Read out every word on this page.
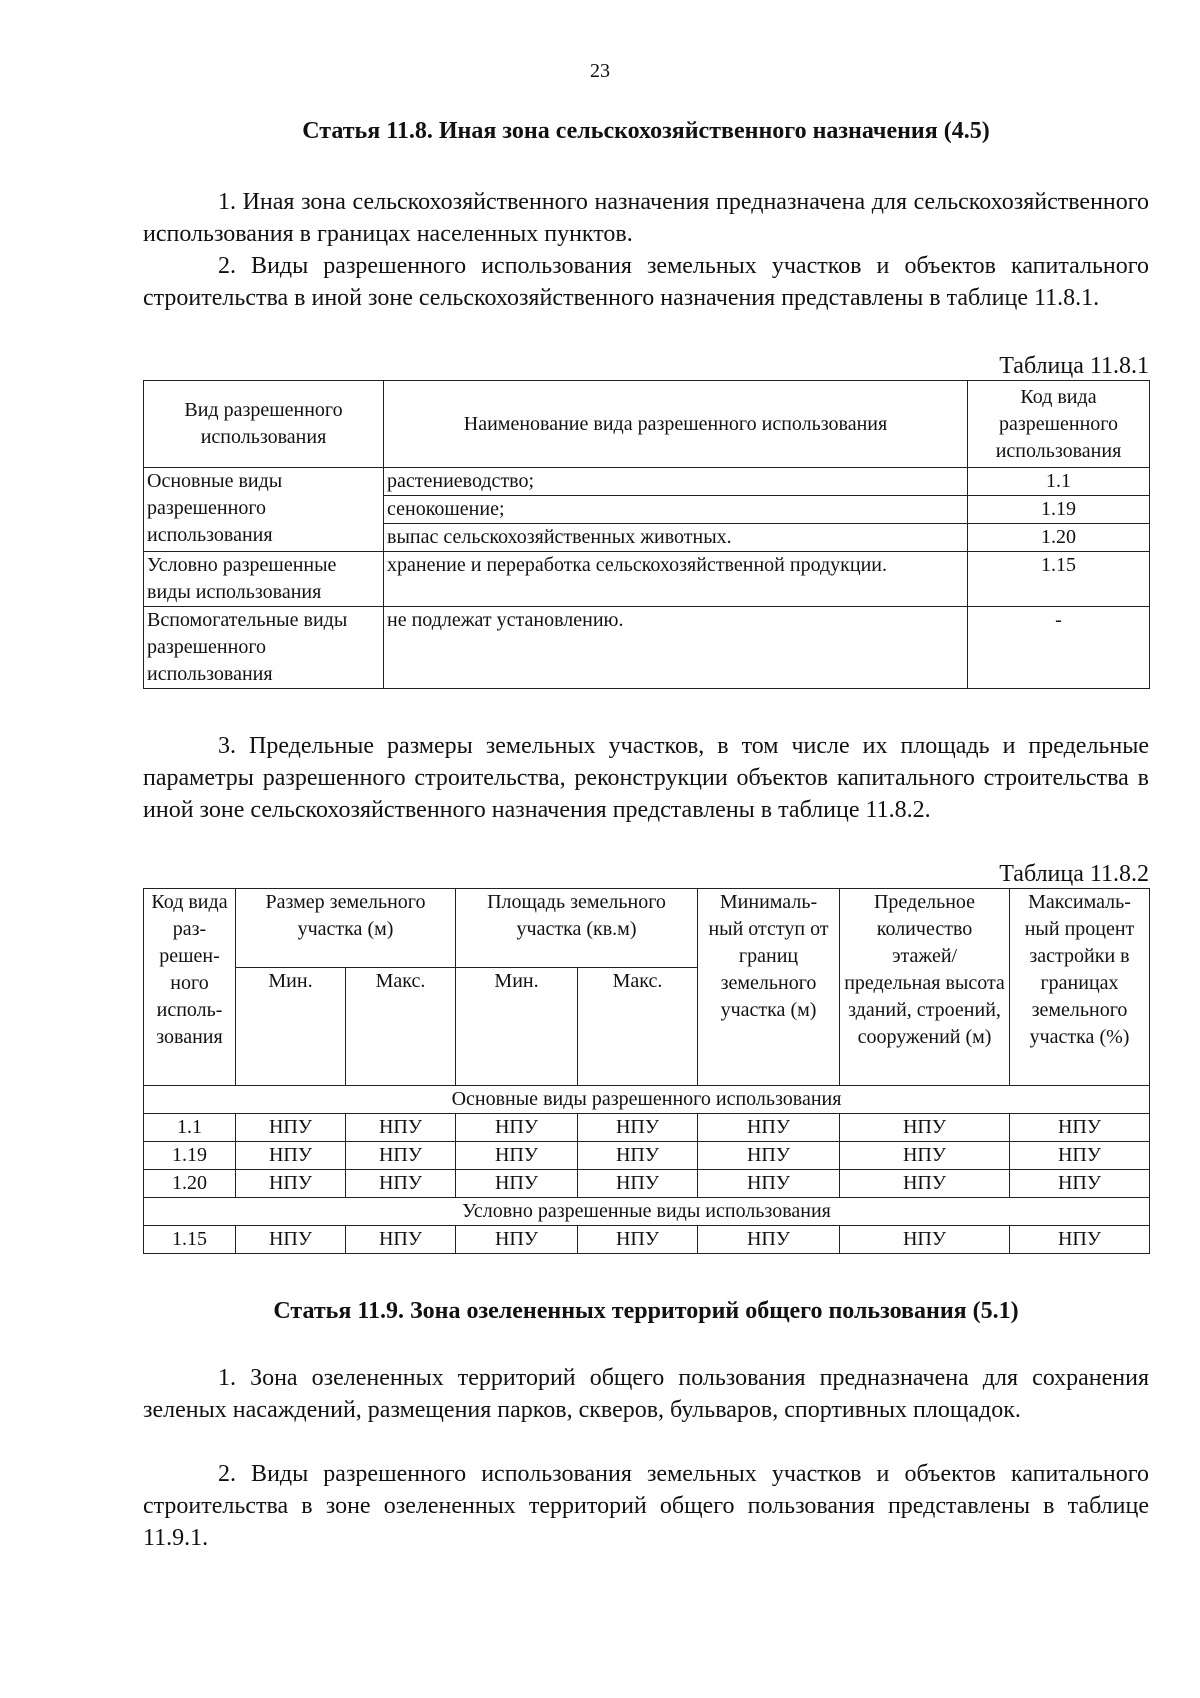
23
Статья 11.8. Иная зона сельскохозяйственного назначения (4.5)

1. Иная зона сельскохозяйственного назначения предназначена для сельскохозяйственного использования в границах населенных пунктов.

2. Виды разрешенного использования земельных участков и объектов капитального строительства в иной зоне сельскохозяйственного назначения представлены в таблице 11.8.1.

Таблица 11.8.1
Вид разрешенного использования	Наименование вида разрешенного использования	Код вида разрешенного использования
Основные виды разрешенного использования	растениеводство;	1.1
	сенокошение;	1.19
	выпас сельскохозяйственных животных.	1.20
Условно разрешенные виды использования	хранение и переработка сельскохозяйственной продукции.	1.15
Вспомогательные виды разрешенного использования	не подлежат установлению.	-

3. Предельные размеры земельных участков, в том числе их площадь и предельные параметры разрешенного строительства, реконструкции объектов капитального строительства в иной зоне сельскохозяйственного назначения представлены в таблице 11.8.2.

Таблица 11.8.2
Код вида раз- решен- ного исполь- зования	Размер земельного участка (м)		Площадь земельного участка (кв.м)		Минималь- ный отступ от границ земельного участка (м)	Предельное количество этажей/ предельная высота зданий, строений, сооружений (м)	Максималь- ный процент застройки в границах земельного участка (%)
	Мин.	Макс.	Мин.	Макс.			
Основные виды разрешенного использования							
1.1	НПУ	НПУ	НПУ	НПУ	НПУ	НПУ	НПУ
1.19	НПУ	НПУ	НПУ	НПУ	НПУ	НПУ	НПУ
1.20	НПУ	НПУ	НПУ	НПУ	НПУ	НПУ	НПУ
Условно разрешенные виды использования							
1.15	НПУ	НПУ	НПУ	НПУ	НПУ	НПУ	НПУ
Статья 11.9. Зона озелененных территорий общего пользования (5.1)

1. Зона озелененных территорий общего пользования предназначена для сохранения зеленых насаждений, размещения парков, скверов, бульваров, спортивных площадок.

2. Виды разрешенного использования земельных участков и объектов капитального строительства в зоне озелененных территорий общего пользования представлены в таблице 11.9.1.
